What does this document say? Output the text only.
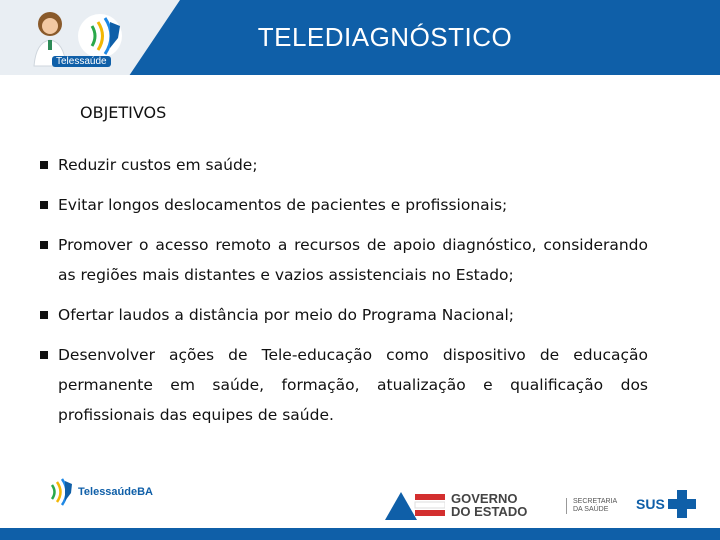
Telessaúde
TELEDIAGNÓSTICO
OBJETIVOS
Reduzir custos em saúde;
Evitar longos deslocamentos de pacientes e profissionais;
Promover o acesso remoto a recursos de apoio diagnóstico, considerando as regiões mais distantes e vazios assistenciais no Estado;
Ofertar laudos a distância por meio do Programa Nacional;
Desenvolver ações de Tele-educação como dispositivo de educação permanente em saúde, formação, atualização e qualificação dos profissionais das equipes de saúde.
TelessaúdeBA	GOVERNO
DO ESTADO
SECRETARIA
DA SAÚDE	SUS
